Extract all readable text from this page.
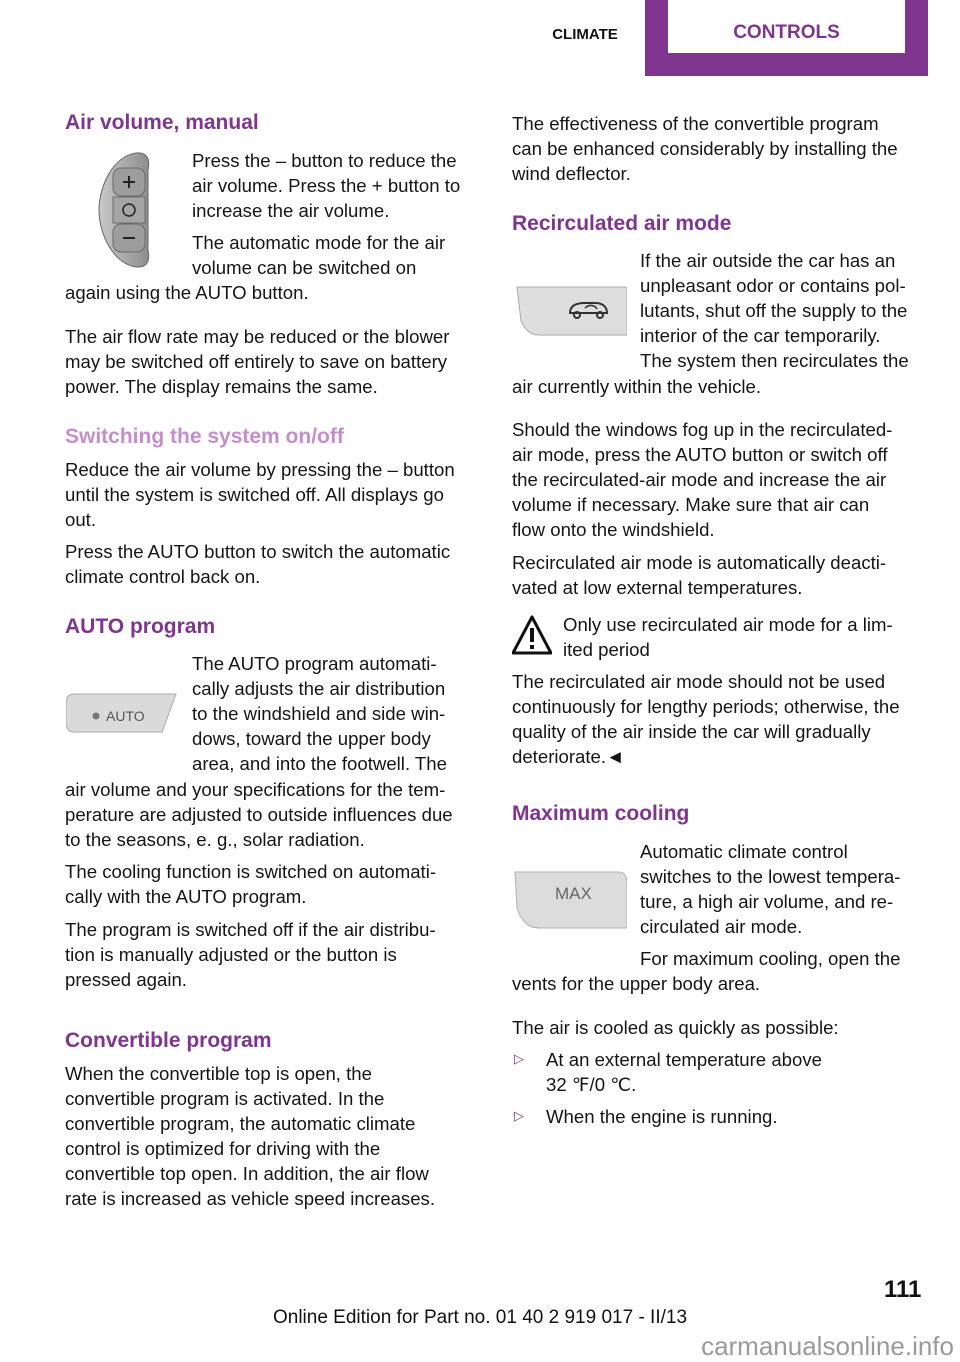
CLIMATE	CONTROLS
Air volume, manual
Press the – button to reduce the
air volume. Press the + button to
increase the air volume.
The automatic mode for the air
volume can be switched on
again using the AUTO button.
The air flow rate may be reduced or the blower
may be switched off entirely to save on battery
power. The display remains the same.
Switching the system on/off
Reduce the air volume by pressing the – button
until the system is switched off. All displays go
out.
Press the AUTO button to switch the automatic
climate control back on.
AUTO program
AUTO
The AUTO program automati‐
cally adjusts the air distribution
to the windshield and side win‐
dows, toward the upper body
area, and into the footwell. The
air volume and your specifications for the tem‐
perature are adjusted to outside influences due
to the seasons, e. g., solar radiation.
The cooling function is switched on automati‐
cally with the AUTO program.
The program is switched off if the air distribu‐
tion is manually adjusted or the button is
pressed again.
Convertible program
When the convertible top is open, the
convertible program is activated. In the
convertible program, the automatic climate
control is optimized for driving with the
convertible top open. In addition, the air flow
rate is increased as vehicle speed increases.
The effectiveness of the convertible program
can be enhanced considerably by installing the
wind deflector.
Recirculated air mode
If the air outside the car has an
unpleasant odor or contains pol‐
lutants, shut off the supply to the
interior of the car temporarily.
The system then recirculates the
air currently within the vehicle.
Should the windows fog up in the recirculated-
air mode, press the AUTO button or switch off
the recirculated-air mode and increase the air
volume if necessary. Make sure that air can
flow onto the windshield.
Recirculated air mode is automatically deacti‐
vated at low external temperatures.
Only use recirculated air mode for a lim‐
ited period
The recirculated air mode should not be used
continuously for lengthy periods; otherwise, the
quality of the air inside the car will gradually
deteriorate.◄
Maximum cooling
MAX
Automatic climate control
switches to the lowest tempera‐
ture, a high air volume, and re‐
circulated air mode.
For maximum cooling, open the
vents for the upper body area.
The air is cooled as quickly as possible:
▷ At an external temperature above
32 ℉/0 ℃.
▷ When the engine is running.
111
Online Edition for Part no. 01 40 2 919 017 - II/13
carmanualsonline.info
